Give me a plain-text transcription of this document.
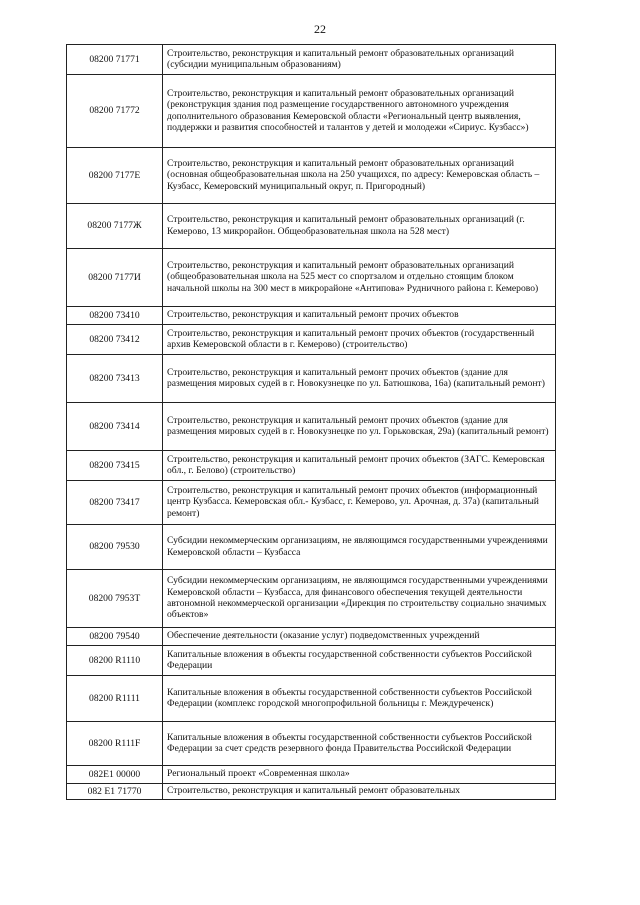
22
08200 71771	Строительство, реконструкция и капитальный ремонт образовательных организаций (субсидии муниципальным образованиям)
08200 71772	Строительство, реконструкция и капитальный ремонт образовательных организаций (реконструкция здания под размещение государственного автономного учреждения дополнительного образования Кемеровской области «Региональный центр выявления, поддержки и развития способностей и талантов у детей и молодежи «Сириус. Кузбасс»)
08200 7177Е	Строительство, реконструкция и капитальный ремонт образовательных организаций (основная общеобразовательная школа на 250 учащихся, по адресу: Кемеровская область – Кузбасс, Кемеровский муниципальный округ, п. Пригородный)
08200 7177Ж	Строительство, реконструкция и капитальный ремонт образовательных организаций (г. Кемерово, 13 микрорайон. Общеобразовательная школа на 528 мест)
08200 7177И	Строительство, реконструкция и капитальный ремонт образовательных организаций (общеобразовательная школа на 525 мест со спортзалом и отдельно стоящим блоком начальной школы на 300 мест в микрорайоне «Антипова» Рудничного района г. Кемерово)
08200 73410	Строительство, реконструкция и капитальный ремонт прочих объектов
08200 73412	Строительство, реконструкция и капитальный ремонт прочих объектов (государственный архив Кемеровской области в г. Кемерово) (строительство)
08200 73413	Строительство, реконструкция и капитальный ремонт прочих объектов (здание для размещения мировых судей в г. Новокузнецке по ул. Батюшкова, 16а) (капитальный ремонт)
08200 73414	Строительство, реконструкция и капитальный ремонт прочих объектов (здание для размещения мировых судей в г. Новокузнецке по ул. Горьковская, 29а) (капитальный ремонт)
08200 73415	Строительство, реконструкция и капитальный ремонт прочих объектов (ЗАГС. Кемеровская обл., г. Белово) (строительство)
08200 73417	Строительство, реконструкция и капитальный ремонт прочих объектов (информационный центр Кузбасса. Кемеровская обл.- Кузбасс, г. Кемерово, ул. Арочная, д. 37а) (капитальный ремонт)
08200 79530	Субсидии некоммерческим организациям, не являющимся государственными учреждениями Кемеровской области – Кузбасса
08200 7953Т	Субсидии некоммерческим организациям, не являющимся государственными учреждениями Кемеровской области – Кузбасса, для финансового обеспечения текущей деятельности автономной некоммерческой организации «Дирекция по строительству социально значимых объектов»
08200 79540	Обеспечение деятельности (оказание услуг) подведомственных учреждений
08200 R1110	Капитальные вложения в объекты государственной собственности субъектов Российской Федерации
08200 R1111	Капитальные вложения в объекты государственной собственности субъектов Российской Федерации (комплекс городской многопрофильной больницы г. Междуреченск)
08200 R111F	Капитальные вложения в объекты государственной собственности субъектов Российской Федерации за счет средств резервного фонда Правительства Российской Федерации
082Е1 00000	Региональный проект «Современная школа»
082 Е1 71770	Строительство, реконструкция и капитальный ремонт образовательных
